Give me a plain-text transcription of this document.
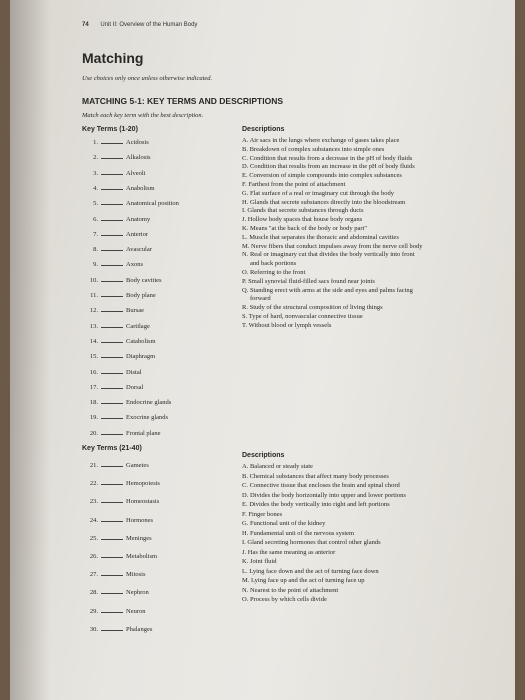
74 Unit II: Overview of the Human Body
Matching
Use choices only once unless otherwise indicated.
MATCHING 5-1: KEY TERMS AND DESCRIPTIONS
Match each key term with the best description.
Key Terms (1-20)	Descriptions
1.	Acidosis
2.	Alkalosis
3.	Alveoli
4.	Anabolism
5.	Anatomical position
6.	Anatomy
7.	Anterior
8.	Avascular
9.	Axons
10.	Body cavities
11.	Body plane
12.	Bursae
13.	Cartilage
14.	Catabolism
15.	Diaphragm
16.	Distal
17.	Dorsal
18.	Endocrine glands
19.	Exocrine glands
20.	Frontal plane
A. Air sacs in the lungs where exchange of gases takes place
B. Breakdown of complex substances into simple ones
C. Condition that results from a decrease in the pH of body fluids
D. Condition that results from an increase in the pH of body fluids
E. Conversion of simple compounds into complex substances
F. Farthest from the point of attachment
G. Flat surface of a real or imaginary cut through the body
H. Glands that secrete substances directly into the bloodstream
I. Glands that secrete substances through ducts
J. Hollow body spaces that house body organs
K. Means "at the back of the body or body part"
L. Muscle that separates the thoracic and abdominal cavities
M. Nerve fibers that conduct impulses away from the nerve cell body
N. Real or imaginary cut that divides the body vertically into front
and back portions
O. Referring to the front
P. Small synovial fluid-filled sacs found near joints
Q. Standing erect with arms at the side and eyes and palms facing
forward
R. Study of the structural composition of living things
S. Type of hard, nonvascular connective tissue
T. Without blood or lymph vessels
Key Terms (21-40)
Descriptions
21.	Gametes
22.	Hemopoiesis
23.	Homeostasis
24.	Hormones
25.	Meninges
26.	Metabolism
27.	Mitosis
28.	Nephron
29.	Neuron
30.	Phalanges
A. Balanced or steady state
B. Chemical substances that affect many body processes
C. Connective tissue that encloses the brain and spinal chord
D. Divides the body horizontally into upper and lower portions
E. Divides the body vertically into right and left portions
F. Finger bones
G. Functional unit of the kidney
H. Fundamental unit of the nervous system
I. Gland secreting hormones that control other glands
J. Has the same meaning as anterior
K. Joint fluid
L. Lying face down and the act of turning face down
M. Lying face up and the act of turning face up
N. Nearest to the point of attachment
O. Process by which cells divide
